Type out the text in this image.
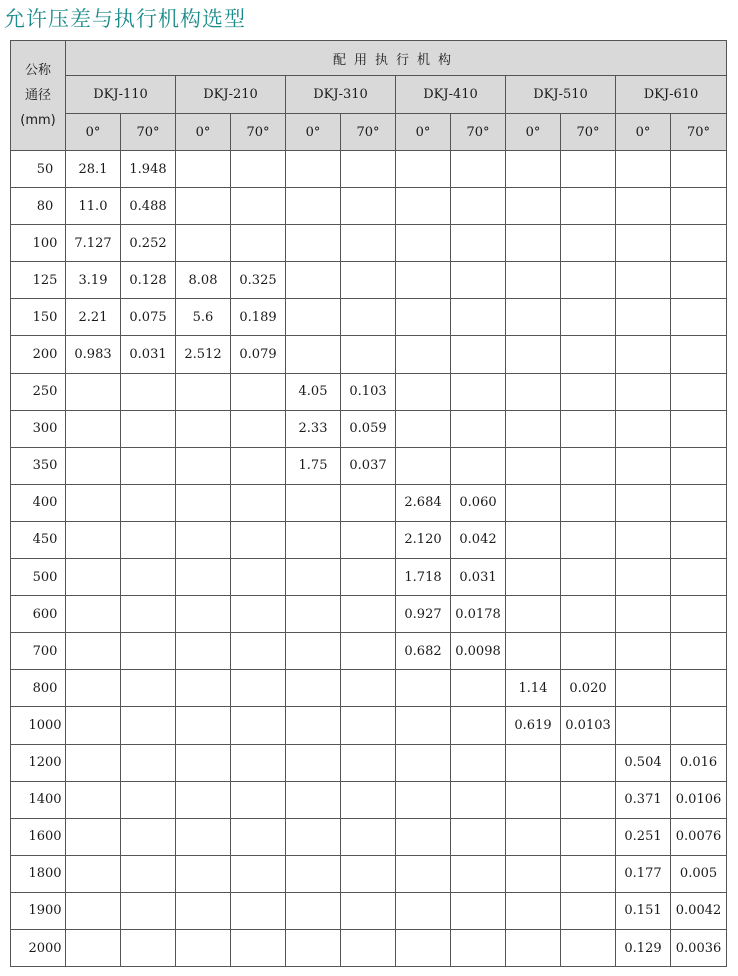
允许压差与执行机构选型
公称
通径
(mm)	配用执行机构											
	DKJ-110		DKJ-210		DKJ-310		DKJ-410		DKJ-510		DKJ-610	
	0°	70°	0°	70°	0°	70°	0°	70°	0°	70°	0°	70°
50	28.1	1.948										
80	11.0	0.488										
100	7.127	0.252										
125	3.19	0.128	8.08	0.325								
150	2.21	0.075	5.6	0.189								
200	0.983	0.031	2.512	0.079								
250					4.05	0.103						
300					2.33	0.059						
350					1.75	0.037						
400							2.684	0.060				
450							2.120	0.042				
500							1.718	0.031				
600							0.927	0.0178				
700							0.682	0.0098				
800									1.14	0.020		
1000									0.619	0.0103		
1200											0.504	0.016
1400											0.371	0.0106
1600											0.251	0.0076
1800											0.177	0.005
1900											0.151	0.0042
2000											0.129	0.0036
